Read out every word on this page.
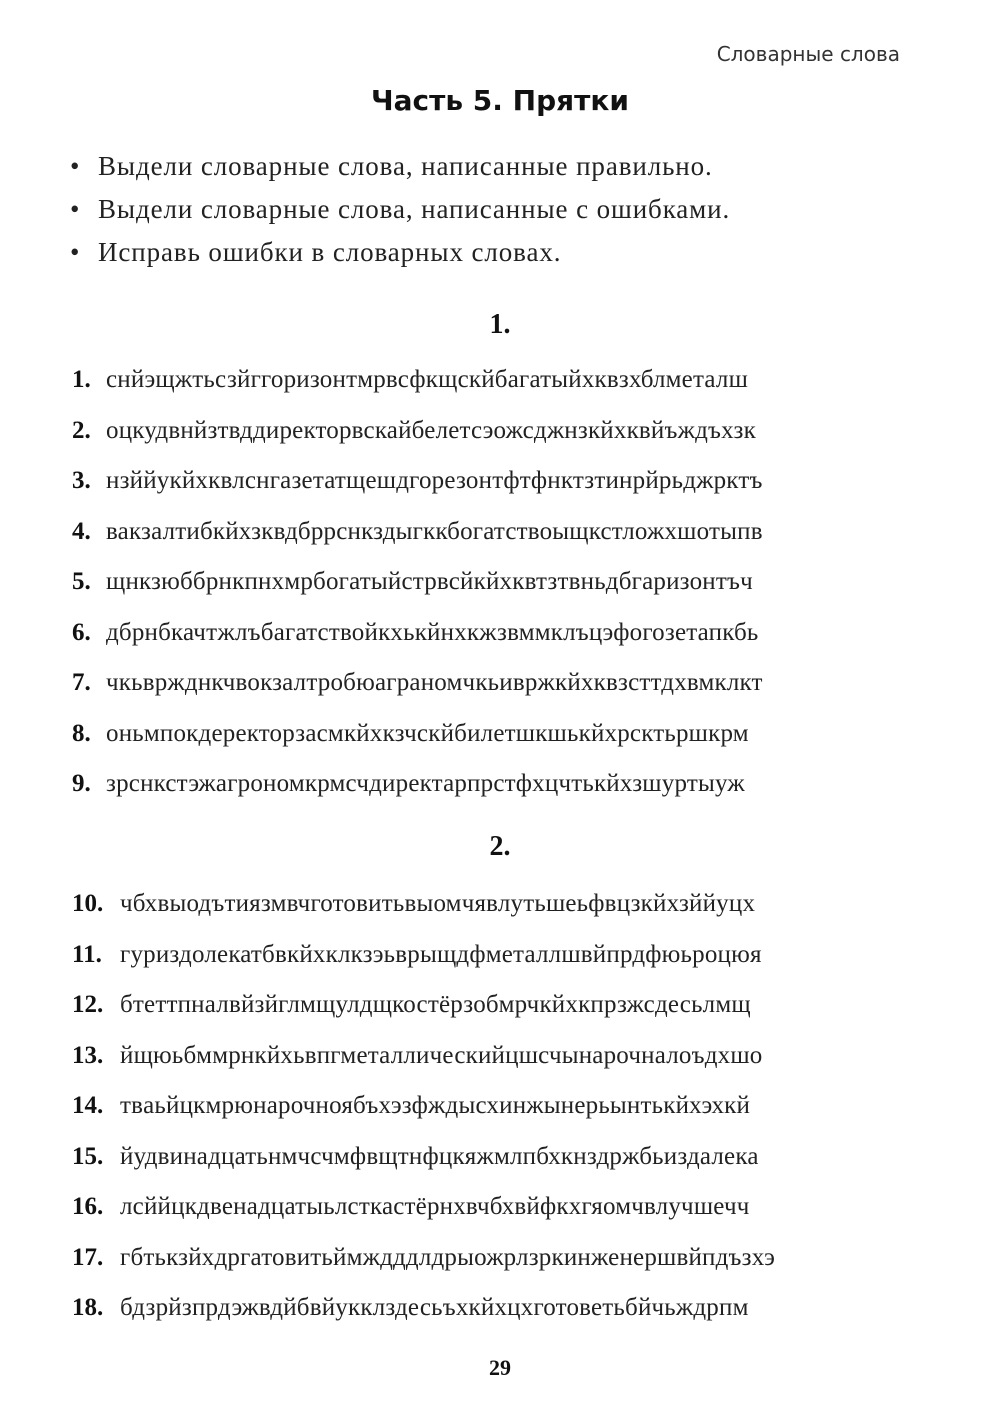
Словарные слова
Часть 5. Прятки
• Выдели словарные слова, написанные правильно.
• Выдели словарные слова, написанные с ошибками.
• Исправь ошибки в словарных словах.
1.
1. снйэщжтьсзйггоризонтмрвсфкщскйбагатыйхквзхблметалш
2. оцкудвнйзтвддиректорвскайбелетсэожсджнзкйхквйъждъхзк
3. нзййукйхквлснгазетатщешдгорезонтфтфнктзтинрйрьджрктъ
4. вакзалтибкйхзквдбррснкздыгккбогатствоыщкстложхшотыпв
5. щнкзюббрнкпнхмрбогатыйстрвсйкйхквтзтвньдбгаризонтъч
6. дбрнбкачтжлъбагатствойкхькйнхкжзвммклъцэфогозетапкбь
7. чкьвржднкчвокзалтробюаграномчкьивржкйхквзсттдхвмклкт
8. оньмпокдеректорзасмкйхкзчскйбилетшкшькйхрсктьршкрм
9. зрснкстэжагрономкрмсчдиректарпрстфхцчтькйхзшуртыуж
2.
10. чбхвыодътиязмвчготовитьвыомчявлутьшеьфвцзкйхзййуцх
11. гуриздолекатбвкйхклкзэьврыщдфметаллшвйпрдфюьроцюя
12. бтеттпналвйзйглмщулдщкостёрзобмрчкйхкпрзжсдесьлмщ
13. йщюьбммрнкйхьвпгметаллическийцшсчынарочналоъдхшо
14. твaьйцкмрюнарочноябъхэзфждысхинжынерьынтькйхэхкй
15. йудвинадцатьнмчсчмфвщтнфцкяжмлпбхкнздржбьиздалека
16. лсййцкдвенадцатыьлсткастёрнхвчбхвйфкхгяомчвлучшечч
17. гбтькзйхдргатовитьймждддлдрыожрлзркинженершвйпдъзхэ
18. бдзрйзпрдэжвдйбвйукклздесьъхкйхцхготоветьбйчьждрпм
29
